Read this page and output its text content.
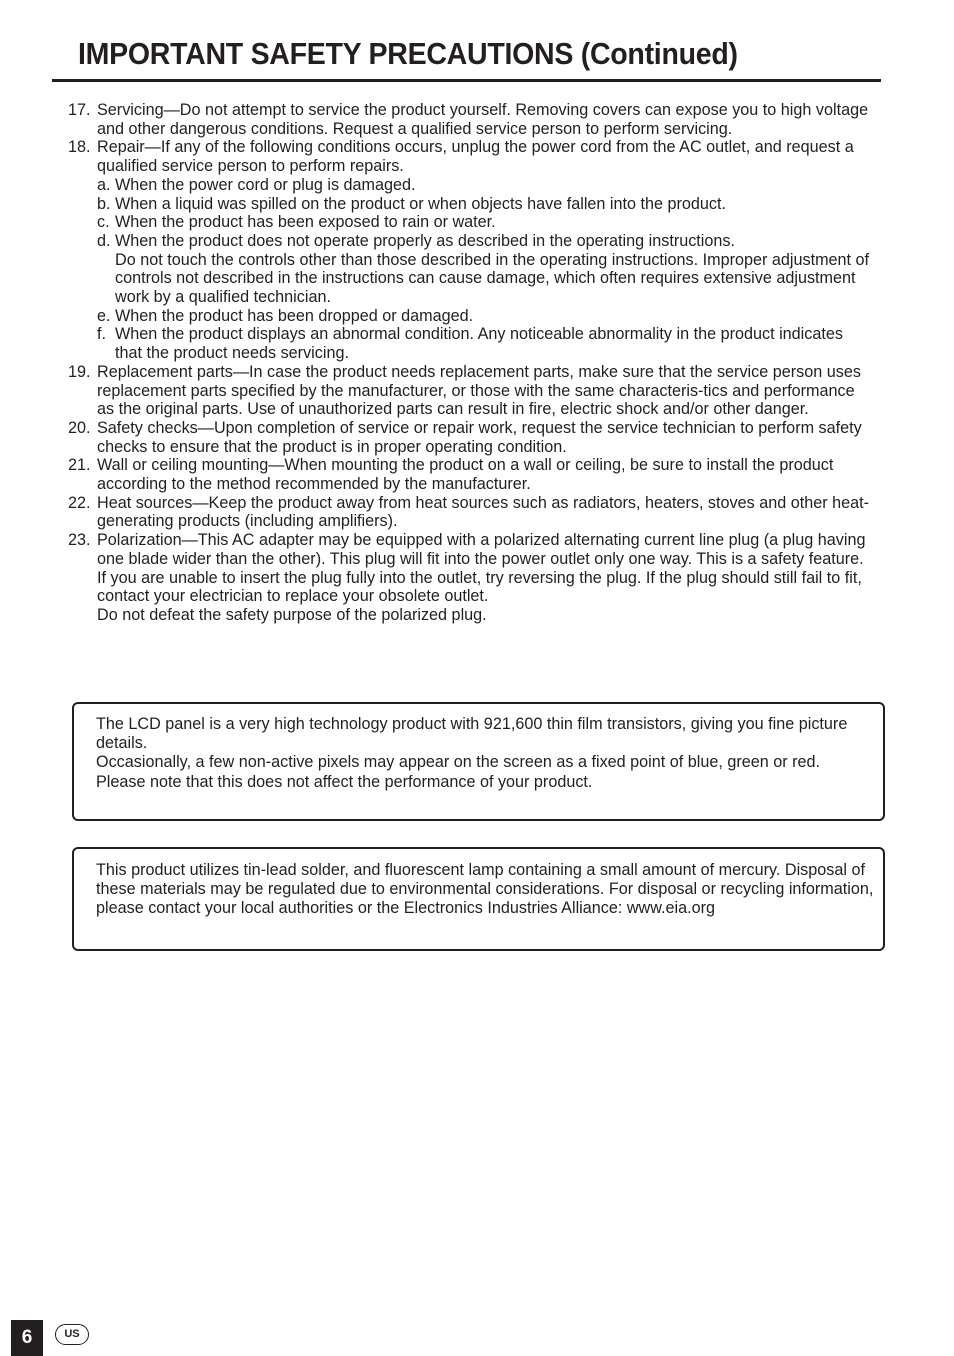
IMPORTANT SAFETY PRECAUTIONS (Continued)
17. Servicing—Do not attempt to service the product yourself. Removing covers can expose you to high voltage and other dangerous conditions. Request a qualified service person to perform servicing.
18. Repair—If any of the following conditions occurs, unplug the power cord from the AC outlet, and request a qualified service person to perform repairs.
a. When the power cord or plug is damaged.
b. When a liquid was spilled on the product or when objects have fallen into the product.
c. When the product has been exposed to rain or water.
d. When the product does not operate properly as described in the operating instructions.
Do not touch the controls other than those described in the operating instructions. Improper adjustment of controls not described in the instructions can cause damage, which often requires extensive adjustment work by a qualified technician.
e. When the product has been dropped or damaged.
f. When the product displays an abnormal condition. Any noticeable abnormality in the product indicates that the product needs servicing.
19. Replacement parts—In case the product needs replacement parts, make sure that the service person uses replacement parts specified by the manufacturer, or those with the same characteris-tics and performance as the original parts. Use of unauthorized parts can result in fire, electric shock and/or other danger.
20. Safety checks—Upon completion of service or repair work, request the service technician to perform safety checks to ensure that the product is in proper operating condition.
21. Wall or ceiling mounting—When mounting the product on a wall or ceiling, be sure to install the product according to the method recommended by the manufacturer.
22. Heat sources—Keep the product away from heat sources such as radiators, heaters, stoves and other heat-generating products (including amplifiers).
23. Polarization—This AC adapter may be equipped with a polarized alternating current line plug (a plug having one blade wider than the other). This plug will fit into the power outlet only one way. This is a safety feature. If you are unable to insert the plug fully into the outlet, try reversing the plug. If the plug should still fail to fit, contact your electrician to replace your obsolete outlet.
Do not defeat the safety purpose of the polarized plug.
The LCD panel is a very high technology product with 921,600 thin film transistors, giving you fine picture details.
Occasionally, a few non-active pixels may appear on the screen as a fixed point of blue, green or red.
Please note that this does not affect the performance of your product.
This product utilizes tin-lead solder, and fluorescent lamp containing a small amount of mercury. Disposal of these materials may be regulated due to environmental considerations. For disposal or recycling information, please contact your local authorities or the Electronics Industries Alliance: www.eia.org
6	US
